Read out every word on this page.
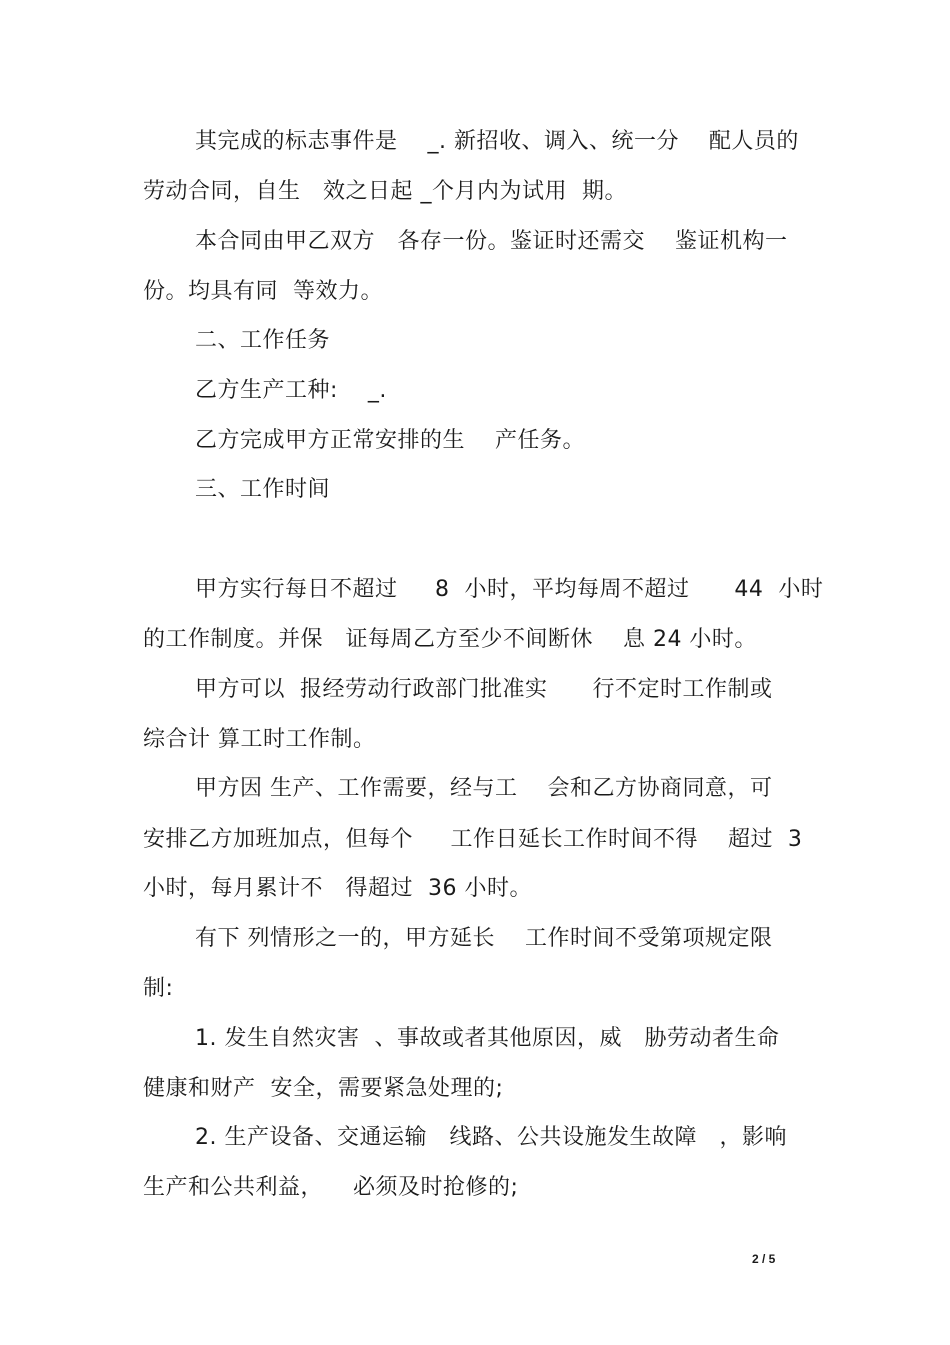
其完成的标志事件是    _. 新招收、调入、统一分    配人员的
劳动合同，自生   效之日起 _个月内为试用  期。
本合同由甲乙双方   各存一份。鉴证时还需交    鉴证机构一
份。均具有同  等效力。
二、工作任务
乙方生产工种:    _.
乙方完成甲方正常安排的生    产任务。
三、工作时间
甲方实行每日不超过     8  小时，平均每周不超过      44  小时
的工作制度。并保   证每周乙方至少不间断休    息 24 小时。
甲方可以  报经劳动行政部门批准实      行不定时工作制或
综合计 算工时工作制。
甲方因 生产、工作需要，经与工    会和乙方协商同意，可
安排乙方加班加点，但每个     工作日延长工作时间不得    超过  3
小时，每月累计不   得超过  36 小时。
有下 列情形之一的，甲方延长    工作时间不受第项规定限
制:
1. 发生自然灾害  、事故或者其他原因，威   胁劳动者生命
健康和财产  安全，需要紧急处理的;
2. 生产设备、交通运输   线路、公共设施发生故障   ，影响
生产和公共利益，    必须及时抢修的;
2 / 5
